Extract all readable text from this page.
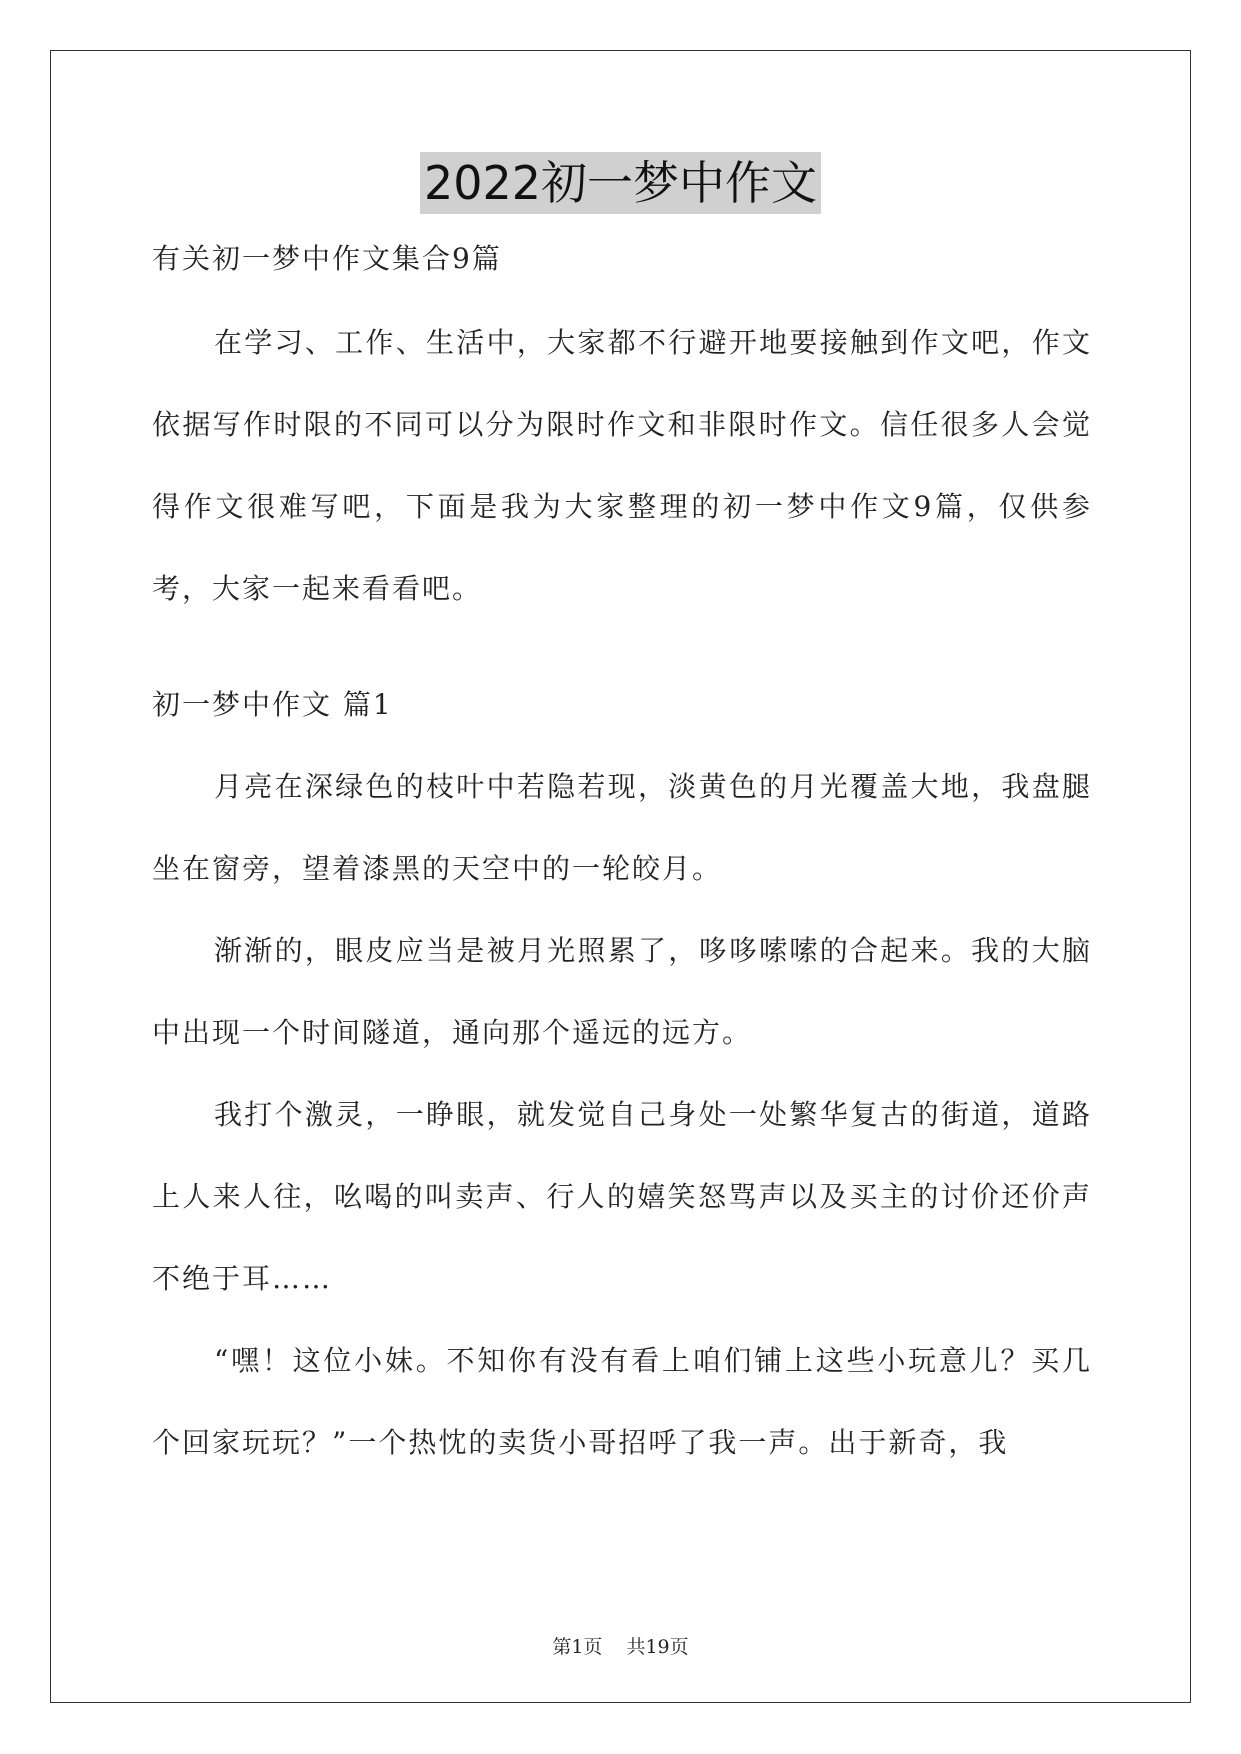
2022初一梦中作文

有关初一梦中作文集合9篇

在学习、工作、生活中，大家都不行避开地要接触到作文吧，作文依据写作时限的不同可以分为限时作文和非限时作文。信任很多人会觉得作文很难写吧，下面是我为大家整理的初一梦中作文9篇，仅供参考，大家一起来看看吧。

初一梦中作文 篇1

月亮在深绿色的枝叶中若隐若现，淡黄色的月光覆盖大地，我盘腿坐在窗旁，望着漆黑的天空中的一轮皎月。

渐渐的，眼皮应当是被月光照累了，哆哆嗦嗦的合起来。我的大脑中出现一个时间隧道，通向那个遥远的远方。

我打个激灵，一睁眼，就发觉自己身处一处繁华复古的街道，道路上人来人往，吆喝的叫卖声、行人的嬉笑怒骂声以及买主的讨价还价声不绝于耳……

“嘿！这位小妹。不知你有没有看上咱们铺上这些小玩意儿？买几个回家玩玩？”一个热忱的卖货小哥招呼了我一声。出于新奇，我

第1页 共19页
